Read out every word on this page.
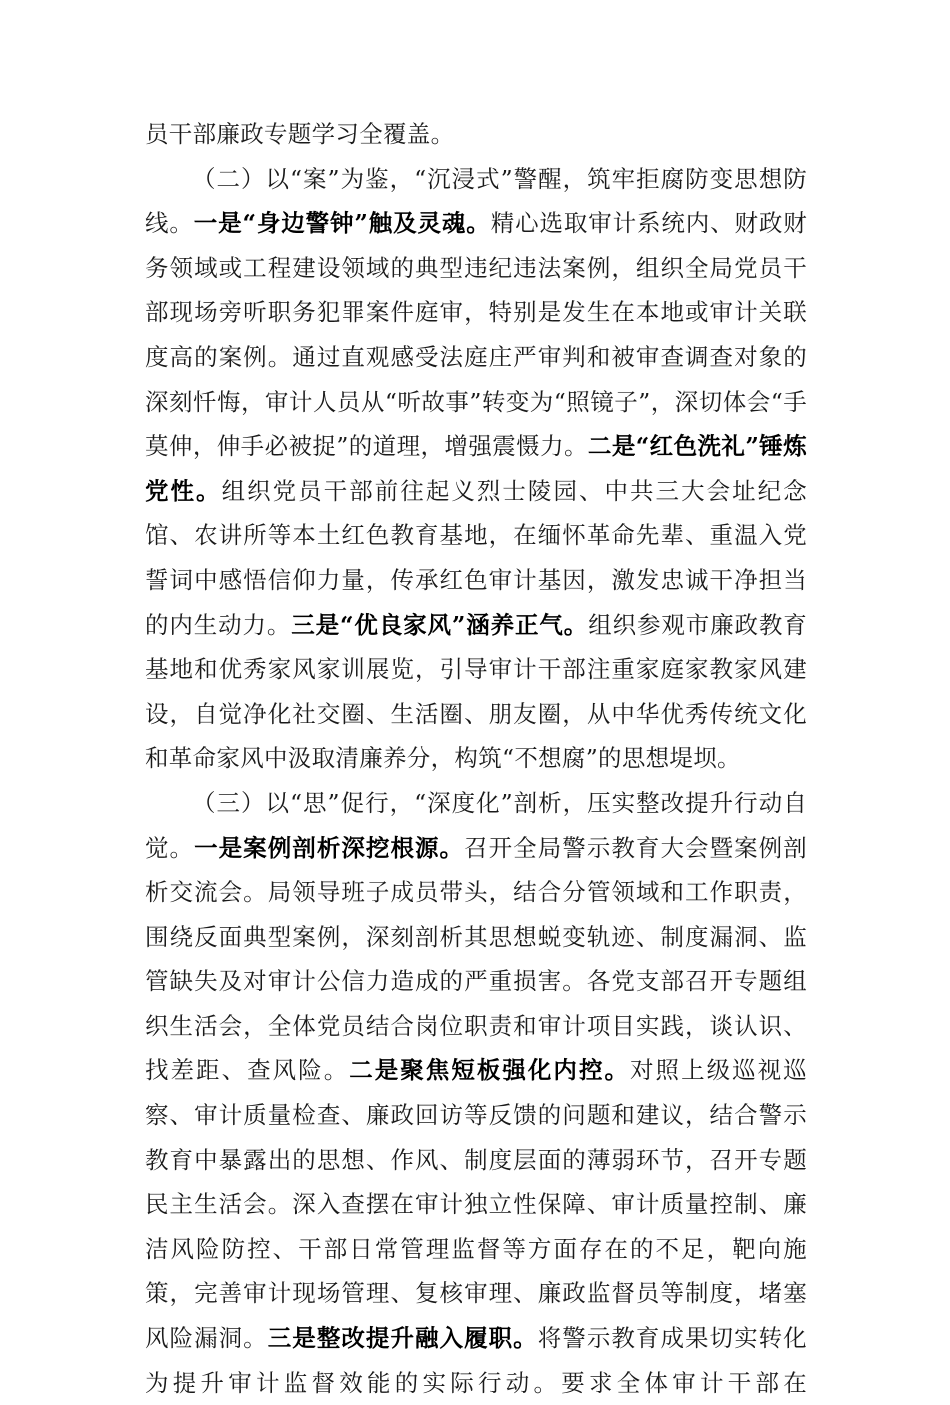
员干部廉政专题学习全覆盖。

（二）以“案”为鉴，“沉浸式”警醒，筑牢拒腐防变思想防线。一是“身边警钟”触及灵魂。精心选取审计系统内、财政财务领域或工程建设领域的典型违纪违法案例，组织全局党员干部现场旁听职务犯罪案件庭审，特别是发生在本地或审计关联度高的案例。通过直观感受法庭庄严审判和被审查调查对象的深刻忏悔，审计人员从“听故事”转变为“照镜子”，深切体会“手莫伸，伸手必被捉”的道理，增强震慑力。二是“红色洗礼”锤炼党性。组织党员干部前往起义烈士陵园、中共三大会址纪念馆、农讲所等本土红色教育基地，在缅怀革命先辈、重温入党誓词中感悟信仰力量，传承红色审计基因，激发忠诚干净担当的内生动力。三是“优良家风”涵养正气。组织参观市廉政教育基地和优秀家风家训展览，引导审计干部注重家庭家教家风建设，自觉净化社交圈、生活圈、朋友圈，从中华优秀传统文化和革命家风中汲取清廉养分，构筑“不想腐”的思想堤坝。

（三）以“思”促行，“深度化”剖析，压实整改提升行动自觉。一是案例剖析深挖根源。召开全局警示教育大会暨案例剖析交流会。局领导班子成员带头，结合分管领域和工作职责，围绕反面典型案例，深刻剖析其思想蜕变轨迹、制度漏洞、监管缺失及对审计公信力造成的严重损害。各党支部召开专题组织生活会，全体党员结合岗位职责和审计项目实践，谈认识、找差距、查风险。二是聚焦短板强化内控。对照上级巡视巡察、审计质量检查、廉政回访等反馈的问题和建议，结合警示教育中暴露出的思想、作风、制度层面的薄弱环节，召开专题民主生活会。深入查摆在审计独立性保障、审计质量控制、廉洁风险防控、干部日常管理监督等方面存在的不足，靶向施策，完善审计现场管理、复核审理、廉政监督员等制度，堵塞风险漏洞。三是整改提升融入履职。将警示教育成果切实转化为提升审计监督效能的实际行动。要求全体审计干部在
